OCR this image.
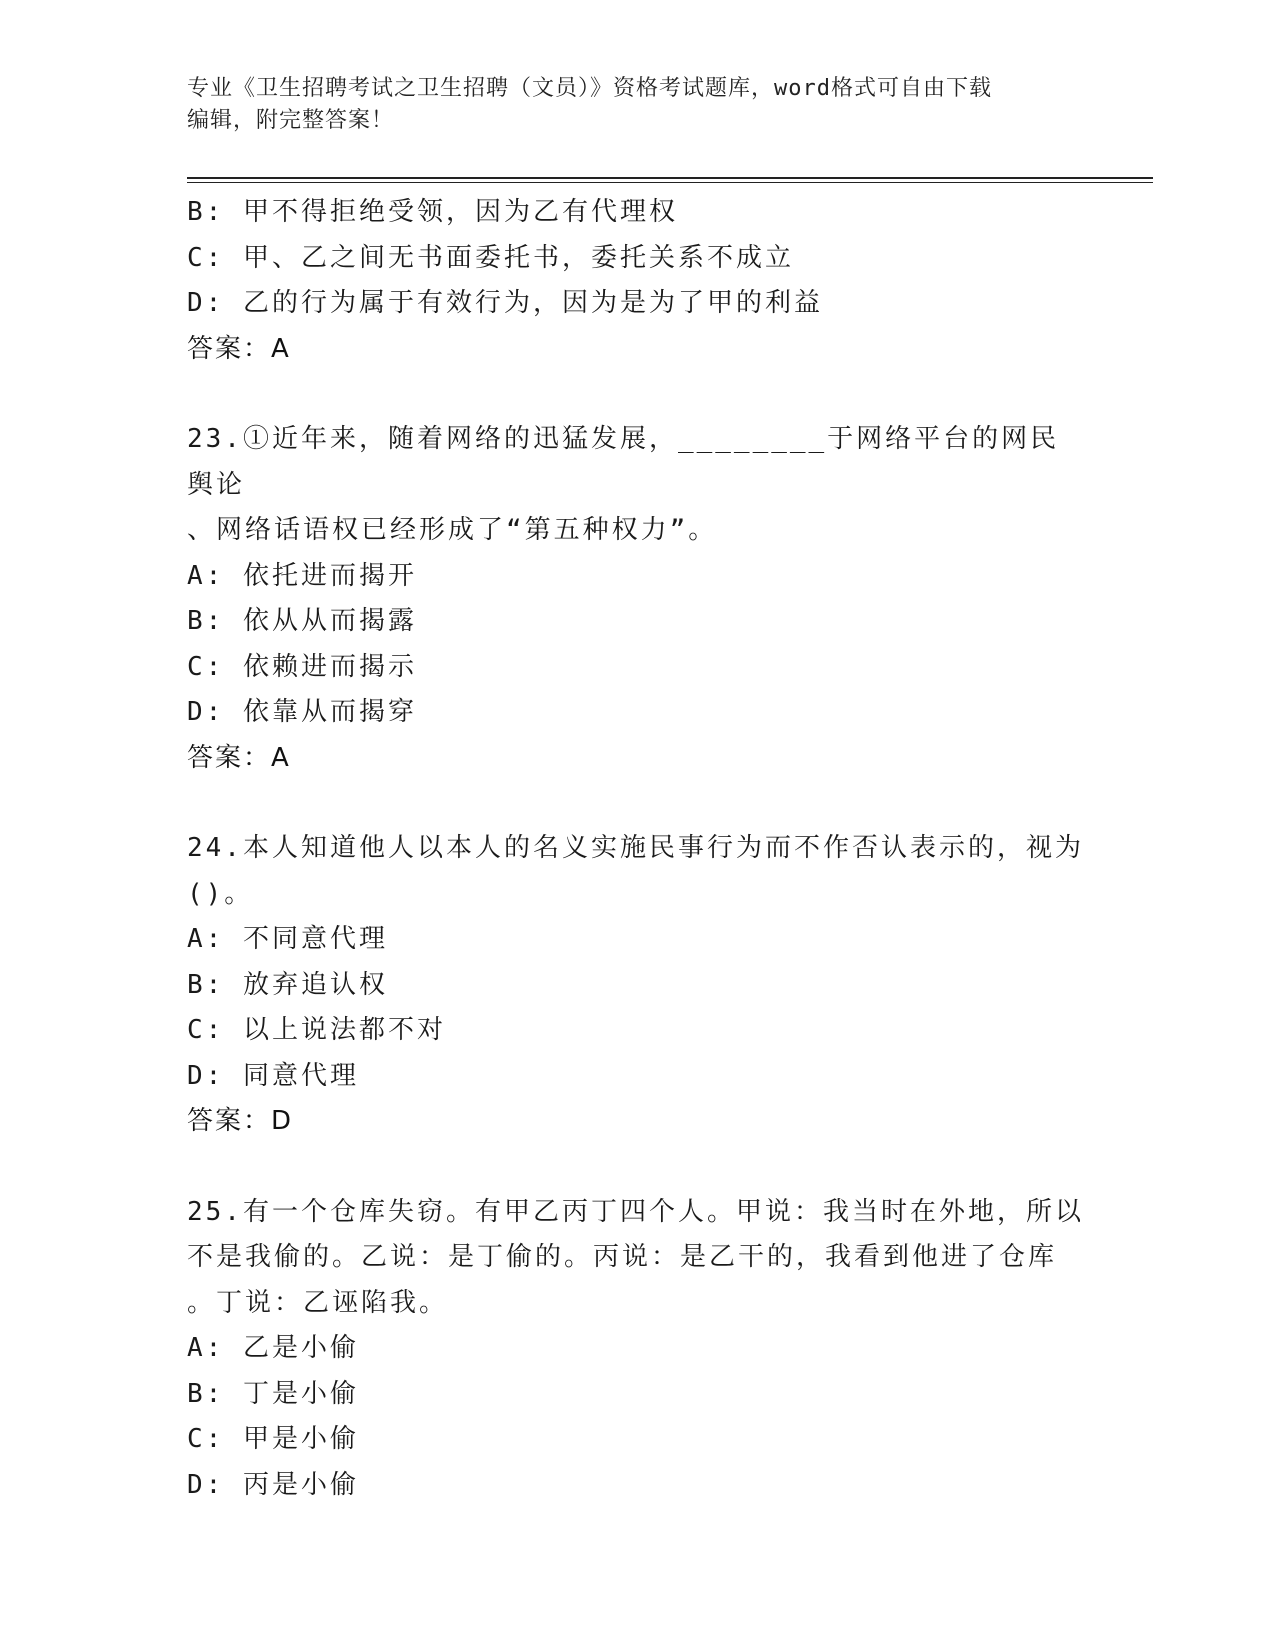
专业《卫生招聘考试之卫生招聘（文员）》资格考试题库，word格式可自由下载
编辑，附完整答案！
B: 甲不得拒绝受领，因为乙有代理权
C: 甲、乙之间无书面委托书，委托关系不成立
D: 乙的行为属于有效行为，因为是为了甲的利益
答案：A
23.①近年来，随着网络的迅猛发展，________于网络平台的网民舆论
、网络话语权已经形成了“第五种权力”。
A: 依托进而揭开
B: 依从从而揭露
C: 依赖进而揭示
D: 依靠从而揭穿
答案：A
24.本人知道他人以本人的名义实施民事行为而不作否认表示的，视为
()。
A: 不同意代理
B: 放弃追认权
C: 以上说法都不对
D: 同意代理
答案：D
25.有一个仓库失窃。有甲乙丙丁四个人。甲说：我当时在外地，所以
不是我偷的。乙说：是丁偷的。丙说：是乙干的，我看到他进了仓库
。丁说：乙诬陷我。
A: 乙是小偷
B: 丁是小偷
C: 甲是小偷
D: 丙是小偷
